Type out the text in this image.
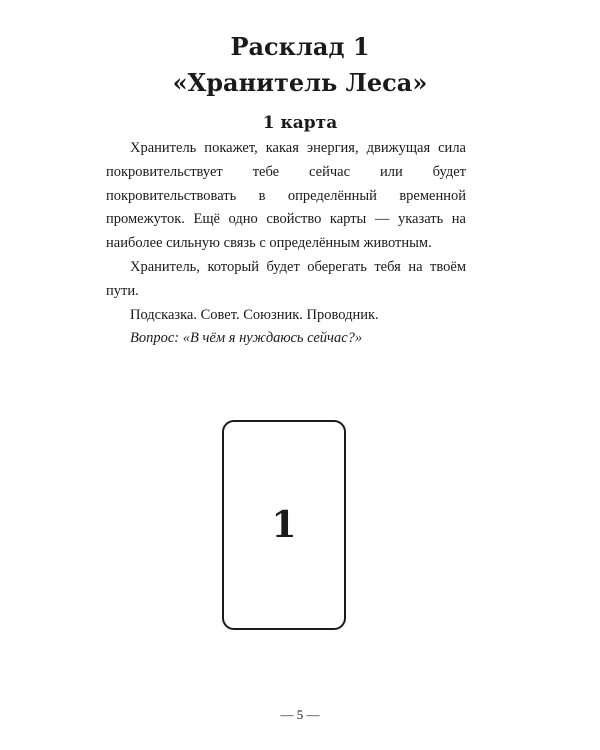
Расклад 1
«Хранитель Леса»
1 карта

Хранитель покажет, какая энергия, движущая сила покровительствует тебе сейчас или будет покровительствовать в определённый временной промежуток. Ещё одно свойство карты — указать на наиболее сильную связь с определённым животным.

Хранитель, который будет оберегать тебя на твоём пути.

Подсказка. Совет. Союзник. Проводник.

Вопрос: «В чём я нуждаюсь сейчас?»

1
— 5 —
